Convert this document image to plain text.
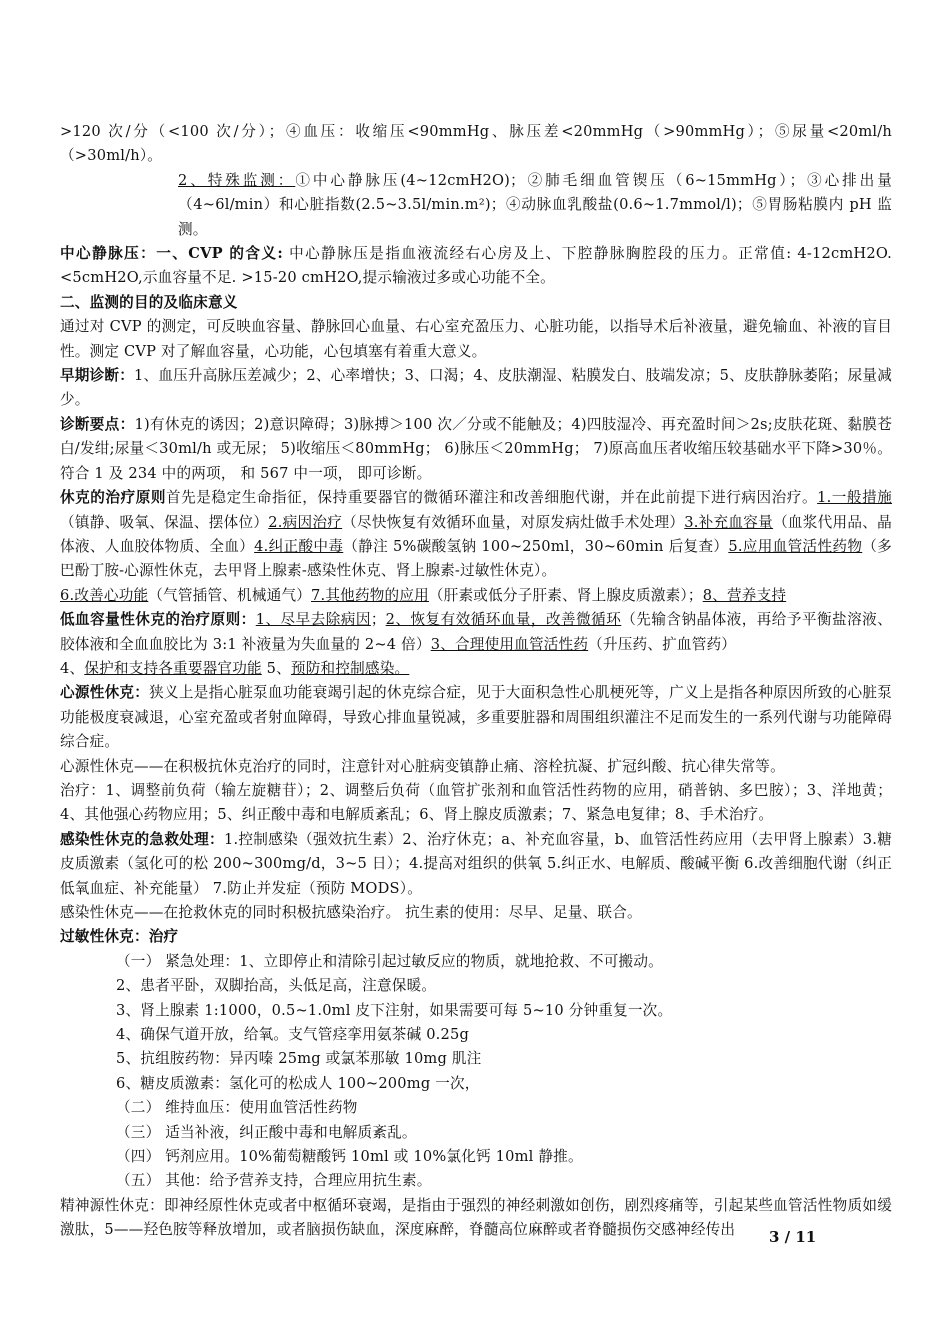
>120 次/分（<100 次/分）；④血压：收缩压<90mmHg、脉压差<20mmHg（>90mmHg）；⑤尿量<20ml/h（>30ml/h）。

2、特殊监测：①中心静脉压(4~12cmH2O)；②肺毛细血管锲压（6~15mmHg）；③心排出量（4~6l/min）和心脏指数(2.5~3.5l/min.m²)；④动脉血乳酸盐(0.6~1.7mmol/l)；⑤胃肠粘膜内 pH 监测。

中心静脉压：一、CVP 的含义: 中心静脉压是指血液流经右心房及上、下腔静脉胸腔段的压力。正常值: 4-12cmH2O. <5cmH2O,示血容量不足. >15-20 cmH2O,提示输液过多或心功能不全。

二、监测的目的及临床意义

通过对 CVP 的测定，可反映血容量、静脉回心血量、右心室充盈压力、心脏功能，以指导术后补液量，避免输血、补液的盲目性。测定 CVP 对了解血容量，心功能，心包填塞有着重大意义。

早期诊断：1、血压升高脉压差减少；2、心率增快；3、口渴；4、皮肤潮湿、粘膜发白、肢端发凉；5、皮肤静脉萎陷；尿量减少。

诊断要点：1)有休克的诱因；2)意识障碍；3)脉搏＞100 次／分或不能触及；4)四肢湿冷、再充盈时间＞2s;皮肤花斑、黏膜苍白/发绀;尿量＜30ml/h 或无尿； 5)收缩压＜80mmHg； 6)脉压＜20mmHg； 7)原高血压者收缩压较基础水平下降>30％。符合 1 及 234 中的两项， 和 567 中一项， 即可诊断。

休克的治疗原则首先是稳定生命指征，保持重要器官的微循环灌注和改善细胞代谢，并在此前提下进行病因治疗。1.一般措施（镇静、吸氧、保温、摆体位）2.病因治疗（尽快恢复有效循环血量，对原发病灶做手术处理）3.补充血容量（血浆代用品、晶体液、人血胶体物质、全血）4.纠正酸中毒（静注 5%碳酸氢钠 100~250ml，30~60min 后复查）5.应用血管活性药物（多巴酚丁胺-心源性休克，去甲肾上腺素-感染性休克、肾上腺素-过敏性休克）。

6.改善心功能（气管插管、机械通气）7.其他药物的应用（肝素或低分子肝素、肾上腺皮质激素）；8、营养支持

低血容量性休克的治疗原则：1、尽早去除病因；2、恢复有效循环血量，改善微循环（先输含钠晶体液，再给予平衡盐溶液、胶体液和全血血胶比为 3:1 补液量为失血量的 2~4 倍）3、合理使用血管活性药（升压药、扩血管药）

4、保护和支持各重要器官功能 5、预防和控制感染。

心源性休克：狭义上是指心脏泵血功能衰竭引起的休克综合症，见于大面积急性心肌梗死等，广义上是指各种原因所致的心脏泵功能极度衰减退，心室充盈或者射血障碍，导致心排血量锐减，多重要脏器和周围组织灌注不足而发生的一系列代谢与功能障碍综合症。

心源性休克——在积极抗休克治疗的同时，注意针对心脏病变镇静止痛、溶栓抗凝、扩冠纠酸、抗心律失常等。

治疗：1、调整前负荷（输左旋糖苷）；2、调整后负荷（血管扩张剂和血管活性药物的应用，硝普钠、多巴胺）；3、洋地黄；4、其他强心药物应用；5、纠正酸中毒和电解质紊乱；6、肾上腺皮质激素；7、紧急电复律；8、手术治疗。

感染性休克的急救处理：1.控制感染（强效抗生素）2、治疗休克；a、补充血容量，b、血管活性药应用（去甲肾上腺素）3.糖皮质激素（氢化可的松 200~300mg/d，3~5 日）；4.提高对组织的供氧 5.纠正水、电解质、酸碱平衡 6.改善细胞代谢（纠正低氧血症、补充能量） 7.防止并发症（预防 MODS）。

感染性休克——在抢救休克的同时积极抗感染治疗。 抗生素的使用：尽早、足量、联合。

过敏性休克：治疗

（一） 紧急处理：1、立即停止和清除引起过敏反应的物质，就地抢救、不可搬动。

2、患者平卧，双脚抬高，头低足高，注意保暖。

3、肾上腺素 1:1000，0.5~1.0ml 皮下注射，如果需要可每 5~10 分钟重复一次。

4、确保气道开放，给氧。支气管痉挛用氨茶碱 0.25g

5、抗组胺药物：异丙嗪 25mg 或氯苯那敏 10mg 肌注

6、糖皮质激素：氢化可的松成人 100~200mg 一次，

（二） 维持血压：使用血管活性药物

（三） 适当补液，纠正酸中毒和电解质紊乱。

（四） 钙剂应用。10%葡萄糖酸钙 10ml 或 10%氯化钙 10ml 静推。

（五） 其他：给予营养支持，合理应用抗生素。

精神源性休克：即神经原性休克或者中枢循环衰竭，是指由于强烈的神经刺激如创伤，剧烈疼痛等，引起某些血管活性物质如缓激肽，5——羟色胺等释放增加，或者脑损伤缺血，深度麻醉，脊髓高位麻醉或者脊髓损伤交感神经传出	3 / 11
